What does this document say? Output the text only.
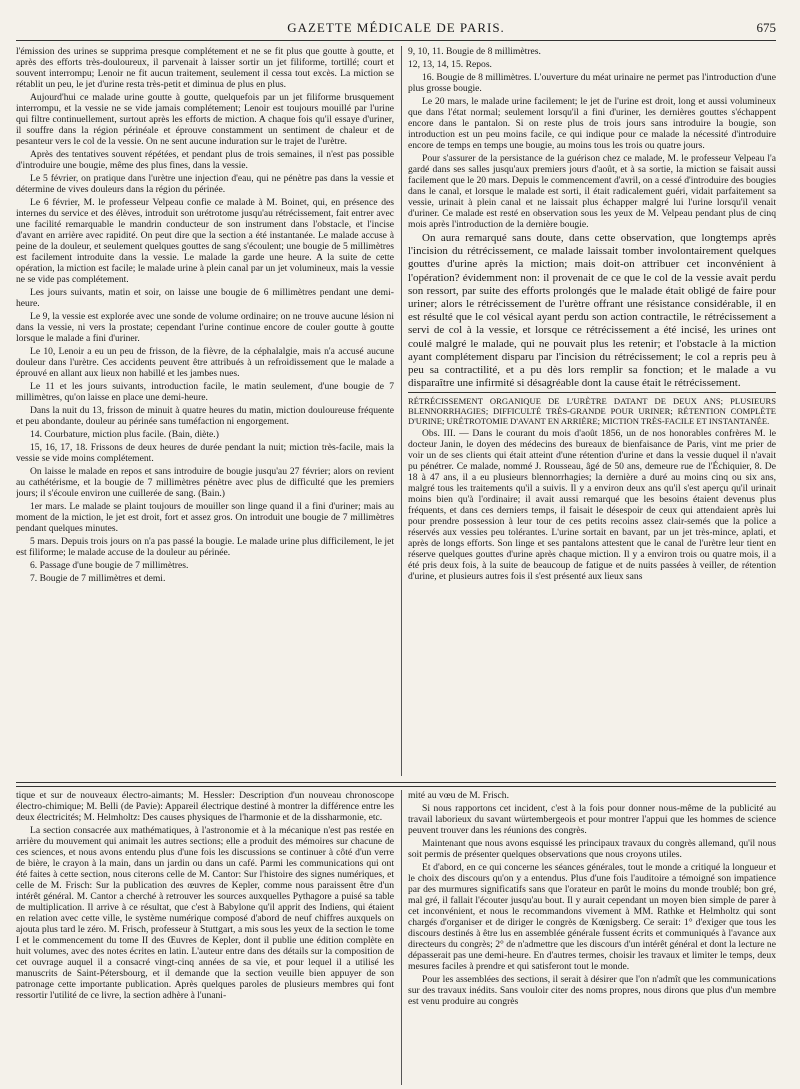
GAZETTE MÉDICALE DE PARIS.	675

l'émission des urines se supprima presque complétement et ne se fit plus que goutte à goutte, et après des efforts très-douloureux, il parvenait à laisser sortir un jet filiforme, tortillé; court et souvent interrompu; Lenoir ne fit aucun traitement, seulement il cessa tout excès. La miction se rétablit un peu, le jet d'urine resta très-petit et diminua de plus en plus.

Aujourd'hui ce malade urine goutte à goutte, quelquefois par un jet filiforme brusquement interrompu, et la vessie ne se vide jamais complétement; Lenoir est toujours mouillé par l'urine qui filtre continuellement, surtout après les efforts de miction. A chaque fois qu'il essaye d'uriner, il souffre dans la région périnéale et éprouve constamment un sentiment de chaleur et de pesanteur vers le col de la vessie. On ne sent aucune induration sur le trajet de l'urètre.

Après des tentatives souvent répétées, et pendant plus de trois semaines, il n'est pas possible d'introduire une bougie, même des plus fines, dans la vessie.

Le 5 février, on pratique dans l'urètre une injection d'eau, qui ne pénètre pas dans la vessie et détermine de vives douleurs dans la région du périnée.

Le 6 février, M. le professeur Velpeau confie ce malade à M. Boinet, qui, en présence des internes du service et des élèves, introduit son urétrotome jusqu'au rétrécissement, fait entrer avec une facilité remarquable le mandrin conducteur de son instrument dans l'obstacle, et l'incise d'avant en arrière avec rapidité. On peut dire que la section a été instantanée. Le malade accuse à peine de la douleur, et seulement quelques gouttes de sang s'écoulent; une bougie de 5 millimètres est facilement introduite dans la vessie. Le malade la garde une heure. A la suite de cette opération, la miction est facile; le malade urine à plein canal par un jet volumineux, mais la vessie ne se vide pas complétement.

Les jours suivants, matin et soir, on laisse une bougie de 6 millimètres pendant une demi-heure.

Le 9, la vessie est explorée avec une sonde de volume ordinaire; on ne trouve aucune lésion ni dans la vessie, ni vers la prostate; cependant l'urine continue encore de couler goutte à goutte lorsque le malade a fini d'uriner.

Le 10, Lenoir a eu un peu de frisson, de la fièvre, de la céphalalgie, mais n'a accusé aucune douleur dans l'urètre. Ces accidents peuvent être attribués à un refroidissement que le malade a éprouvé en allant aux lieux non habillé et les jambes nues.

Le 11 et les jours suivants, introduction facile, le matin seulement, d'une bougie de 7 millimètres, qu'on laisse en place une demi-heure.

Dans la nuit du 13, frisson de minuit à quatre heures du matin, miction douloureuse fréquente et peu abondante, douleur au périnée sans tuméfaction ni engorgement.

14. Courbature, miction plus facile. (Bain, diète.)

15, 16, 17, 18. Frissons de deux heures de durée pendant la nuit; miction très-facile, mais la vessie se vide moins complétement.

On laisse le malade en repos et sans introduire de bougie jusqu'au 27 février; alors on revient au cathétérisme, et la bougie de 7 millimètres pénètre avec plus de difficulté que les premiers jours; il s'écoule environ une cuillerée de sang. (Bain.)

1er mars. Le malade se plaint toujours de mouiller son linge quand il a fini d'uriner; mais au moment de la miction, le jet est droit, fort et assez gros. On introduit une bougie de 7 millimètres pendant quelques minutes.

5 mars. Depuis trois jours on n'a pas passé la bougie. Le malade urine plus difficilement, le jet est filiforme; le malade accuse de la douleur au périnée.

6. Passage d'une bougie de 7 millimètres.

7. Bougie de 7 millimètres et demi.

9, 10, 11. Bougie de 8 millimètres.

12, 13, 14, 15. Repos.

16. Bougie de 8 millimètres. L'ouverture du méat urinaire ne permet pas l'introduction d'une plus grosse bougie.

Le 20 mars, le malade urine facilement; le jet de l'urine est droit, long et aussi volumineux que dans l'état normal; seulement lorsqu'il a fini d'uriner, les dernières gouttes s'échappent encore dans le pantalon. Si on reste plus de trois jours sans introduire la bougie, son introduction est un peu moins facile, ce qui indique pour ce malade la nécessité d'introduire encore de temps en temps une bougie, au moins tous les trois ou quatre jours.

Pour s'assurer de la persistance de la guérison chez ce malade, M. le professeur Velpeau l'a gardé dans ses salles jusqu'aux premiers jours d'août, et à sa sortie, la miction se faisait aussi facilement que le 20 mars. Depuis le commencement d'avril, on a cessé d'introduire des bougies dans le canal, et lorsque le malade est sorti, il était radicalement guéri, vidait parfaitement sa vessie, urinait à plein canal et ne laissait plus échapper malgré lui l'urine lorsqu'il venait d'uriner. Ce malade est resté en observation sous les yeux de M. Velpeau pendant plus de cinq mois après l'introduction de la dernière bougie.

On aura remarqué sans doute, dans cette observation, que longtemps après l'incision du rétrécissement, ce malade laissait tomber involontairement quelques gouttes d'urine après la miction; mais doit-on attribuer cet inconvénient à l'opération? évidemment non: il provenait de ce que le col de la vessie avait perdu son ressort, par suite des efforts prolongés que le malade était obligé de faire pour uriner; alors le rétrécissement de l'urètre offrant une résistance considérable, il en est résulté que le col vésical ayant perdu son action contractile, le rétrécissement a servi de col à la vessie, et lorsque ce rétrécissement a été incisé, les urines ont coulé malgré le malade, qui ne pouvait plus les retenir; et l'obstacle à la miction ayant complétement disparu par l'incision du rétrécissement; le col a repris peu à peu sa contractilité, et a pu dès lors remplir sa fonction; et le malade a vu disparaître une infirmité si désagréable dont la cause était le rétrécissement.

RÉTRÉCISSEMENT ORGANIQUE DE L'URÈTRE DATANT DE DEUX ANS; PLUSIEURS BLENNORRHAGIES; DIFFICULTÉ TRÈS-GRANDE POUR URINER; RÉTENTION COMPLÈTE D'URINE; URÉTROTOMIE D'AVANT EN ARRIÈRE; MICTION TRÈS-FACILE ET INSTANTANÉE.

Obs. III. — Dans le courant du mois d'août 1856, un de nos honorables confrères M. le docteur Janin, le doyen des médecins des bureaux de bienfaisance de Paris, vint me prier de voir un de ses clients qui était atteint d'une rétention d'urine et dans la vessie duquel il n'avait pu pénétrer. Ce malade, nommé J. Rousseau, âgé de 50 ans, demeure rue de l'Échiquier, 8. De 18 à 47 ans, il a eu plusieurs blennorrhagies; la dernière a duré au moins cinq ou six ans, malgré tous les traitements qu'il a suivis. Il y a environ deux ans qu'il s'est aperçu qu'il urinait moins bien qu'à l'ordinaire; il avait aussi remarqué que les besoins étaient devenus plus fréquents, et dans ces derniers temps, il faisait le désespoir de ceux qui attendaient après lui pour prendre possession à leur tour de ces petits recoins assez clair-semés que la police a réservés aux vessies peu tolérantes. L'urine sortait en bavant, par un jet très-mince, aplati, et après de longs efforts. Son linge et ses pantalons attestent que le canal de l'urètre leur tient en réserve quelques gouttes d'urine après chaque miction. Il y a environ trois ou quatre mois, il a été pris deux fois, à la suite de beaucoup de fatigue et de nuits passées à veiller, de rétention d'urine, et plusieurs autres fois il s'est présenté aux lieux sans

tique et sur de nouveaux électro-aimants; M. Hessler: Description d'un nouveau chronoscope électro-chimique; M. Belli (de Pavie): Appareil électrique destiné à montrer la différence entre les deux électricités; M. Helmholtz: Des causes physiques de l'harmonie et de la dissharmonie, etc.

La section consacrée aux mathématiques, à l'astronomie et à la mécanique n'est pas restée en arrière du mouvement qui animait les autres sections; elle a produit des mémoires sur chacune de ces sciences, et nous avons entendu plus d'une fois les discussions se continuer à côté d'un verre de bière, le crayon à la main, dans un jardin ou dans un café. Parmi les communications qui ont été faites à cette section, nous citerons celle de M. Cantor: Sur l'histoire des signes numériques, et celle de M. Frisch: Sur la publication des œuvres de Kepler, comme nous paraissent être d'un intérêt général. M. Cantor a cherché à retrouver les sources auxquelles Pythagore a puisé sa table de multiplication. Il arrive à ce résultat, que c'est à Babylone qu'il apprit des Indiens, qui étaient en relation avec cette ville, le système numérique composé d'abord de neuf chiffres auxquels on ajouta plus tard le zéro. M. Frisch, professeur à Stuttgart, a mis sous les yeux de la section le tome I et le commencement du tome II des Œuvres de Kepler, dont il publie une édition complète en huit volumes, avec des notes écrites en latin. L'auteur entre dans des détails sur la composition de cet ouvrage auquel il a consacré vingt-cinq années de sa vie, et pour lequel il a utilisé les manuscrits de Saint-Pétersbourg, et il demande que la section veuille bien appuyer de son patronage cette importante publication. Après quelques paroles de plusieurs membres qui font ressortir l'utilité de ce livre, la section adhère à l'unani-

mité au vœu de M. Frisch.

Si nous rapportons cet incident, c'est à la fois pour donner nous-même de la publicité au travail laborieux du savant würtembergeois et pour montrer l'appui que les hommes de science peuvent trouver dans les réunions des congrès.

Maintenant que nous avons esquissé les principaux travaux du congrès allemand, qu'il nous soit permis de présenter quelques observations que nous croyons utiles.

Et d'abord, en ce qui concerne les séances générales, tout le monde a critiqué la longueur et le choix des discours qu'on y a entendus. Plus d'une fois l'auditoire a témoigné son impatience par des murmures significatifs sans que l'orateur en parût le moins du monde troublé; bon gré, mal gré, il fallait l'écouter jusqu'au bout. Il y aurait cependant un moyen bien simple de parer à cet inconvénient, et nous le recommandons vivement à MM. Rathke et Helmholtz qui sont chargés d'organiser et de diriger le congrès de Kœnigsberg. Ce serait: 1° d'exiger que tous les discours destinés à être lus en assemblée générale fussent écrits et communiqués à l'avance aux directeurs du congrès; 2° de n'admettre que les discours d'un intérêt général et dont la lecture ne dépasserait pas une demi-heure. En d'autres termes, choisir les travaux et limiter le temps, deux mesures faciles à prendre et qui satisferont tout le monde.

Pour les assemblées des sections, il serait à désirer que l'on n'admît que les communications sur des travaux inédits. Sans vouloir citer des noms propres, nous dirons que plus d'un membre est venu produire au congrès
